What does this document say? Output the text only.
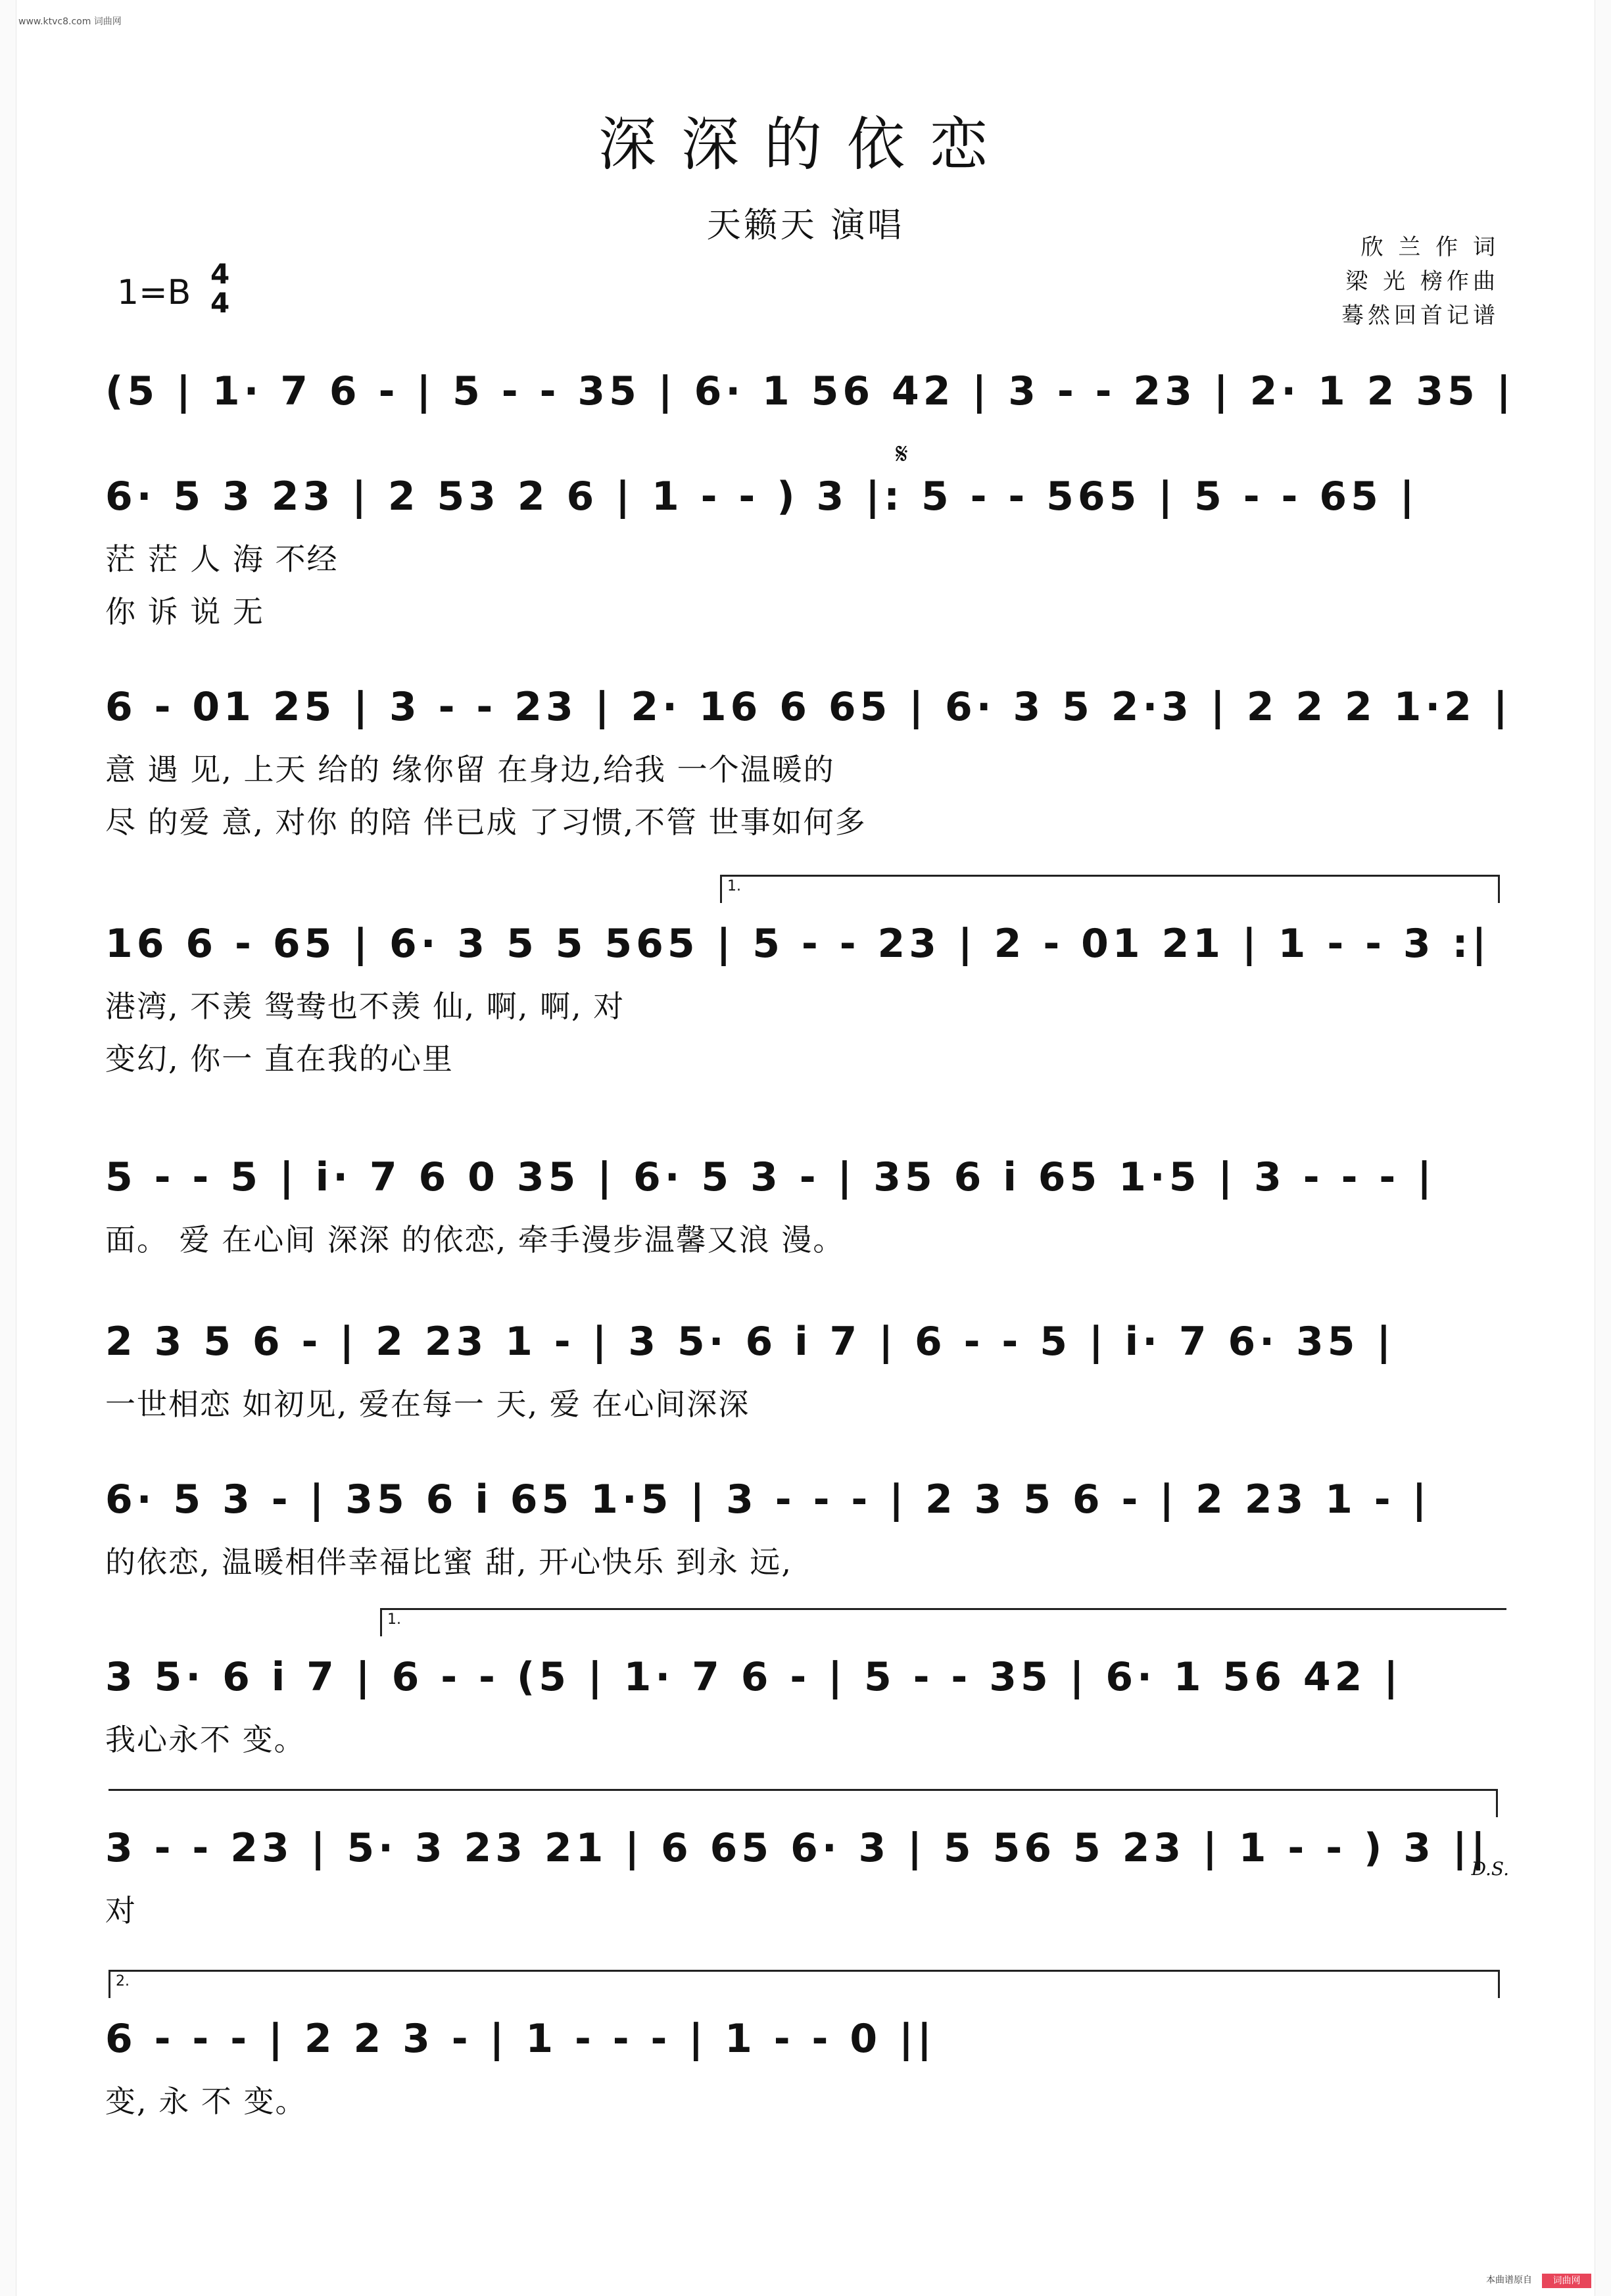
www.ktvc8.com 词曲网
深深的依恋
天籁天 演唱
欣 兰 作 词
梁 光 榜作曲
蓦然回首记谱
1=B 4
4
𝄋
(5 | 1· 7 6 - | 5 - - 35 | 6· 1 56 42 | 3 - - 23 | 2· 1 2 35 |
6· 5 3 23 | 2 53 2 6 | 1 - - ) 3 |: 5 - - 565 | 5 - - 65 |
茫 茫 人 海 不经
你 诉 说 无
6 - 01 25 | 3 - - 23 | 2· 16 6 65 | 6· 3 5 2·3 | 2 2 2 1·2 |
意 遇 见, 上天 给的 缘你留 在身边,给我 一个温暖的
尽 的爱 意, 对你 的陪 伴已成 了习惯,不管 世事如何多
1.
16 6 - 65 | 6· 3 5 5 565 | 5 - - 23 | 2 - 01 21 | 1 - - 3 :|
港湾, 不羡 鸳鸯也不羡 仙, 啊, 啊, 对
变幻, 你一 直在我的心里
5 - - 5 | i· 7 6 0 35 | 6· 5 3 - | 35 6 i 65 1·5 | 3 - - - |
面。 爱 在心间 深深 的依恋, 牵手漫步温馨又浪 漫。
2 3 5 6 - | 2 23 1 - | 3 5· 6 i 7 | 6 - - 5 | i· 7 6· 35 |
一世相恋 如初见, 爱在每一 天, 爱 在心间深深
6· 5 3 - | 35 6 i 65 1·5 | 3 - - - | 2 3 5 6 - | 2 23 1 - |
的依恋, 温暖相伴幸福比蜜 甜, 开心快乐 到永 远,
1.
3 5· 6 i 7 | 6 - - (5 | 1· 7 6 - | 5 - - 35 | 6· 1 56 42 |
我心永不 变。
3 - - 23 | 5· 3 23 21 | 6 65 6· 3 | 5 56 5 23 | 1 - - ) 3 ||
对
D.S.
2.
6 - - - | 2 2 3 - | 1 - - - | 1 - - 0 ||
变, 永 不 变。
本曲谱原自	词曲网
